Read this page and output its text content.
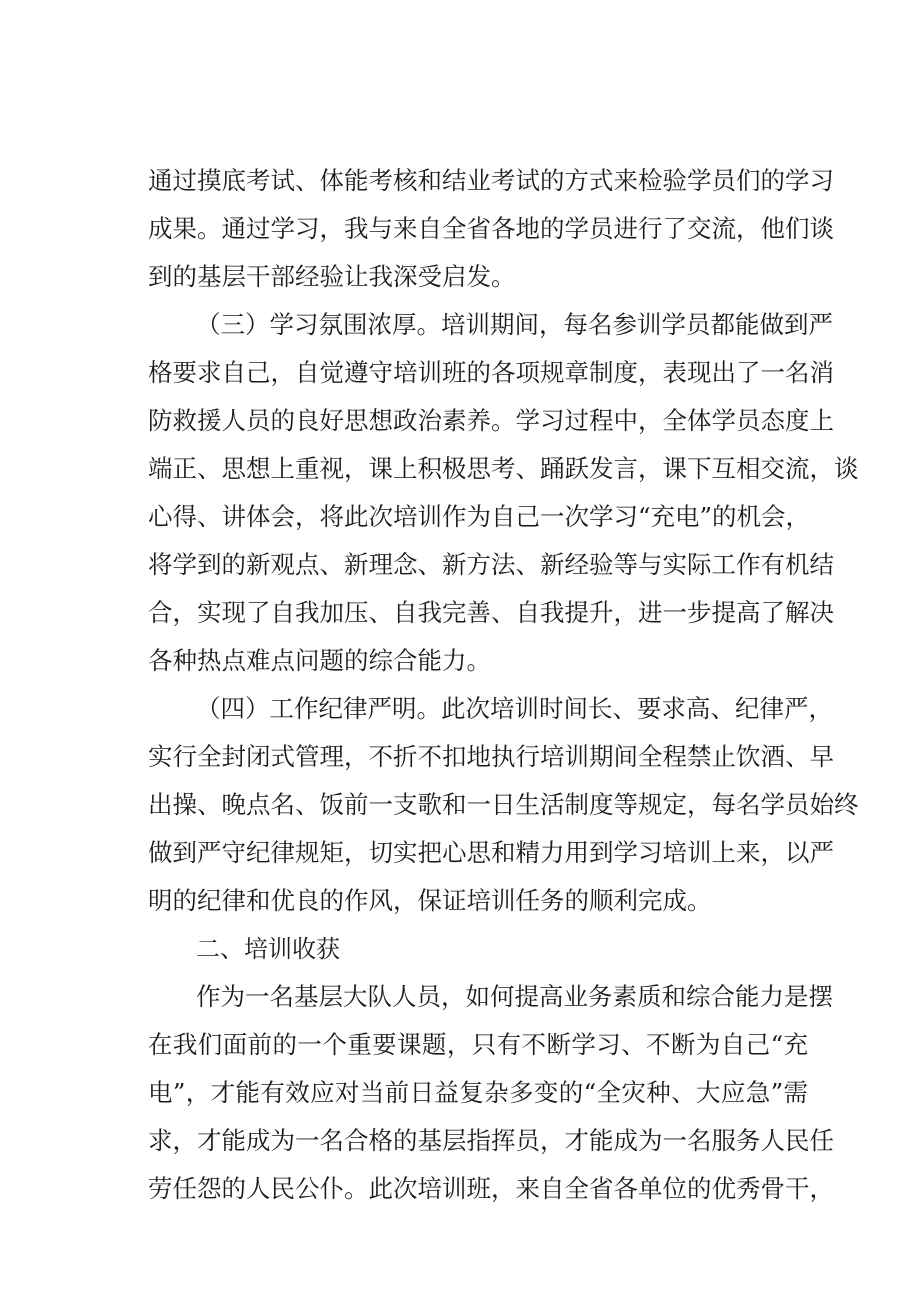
通过摸底考试、体能考核和结业考试的方式来检验学员们的学习
成果。通过学习，我与来自全省各地的学员进行了交流，他们谈
到的基层干部经验让我深受启发。
（三）学习氛围浓厚。培训期间，每名参训学员都能做到严
格要求自己，自觉遵守培训班的各项规章制度，表现出了一名消
防救援人员的良好思想政治素养。学习过程中，全体学员态度上
端正、思想上重视，课上积极思考、踊跃发言，课下互相交流，谈
心得、讲体会，将此次培训作为自己一次学习“充电”的机会，
将学到的新观点、新理念、新方法、新经验等与实际工作有机结
合，实现了自我加压、自我完善、自我提升，进一步提高了解决
各种热点难点问题的综合能力。
（四）工作纪律严明。此次培训时间长、要求高、纪律严，
实行全封闭式管理，不折不扣地执行培训期间全程禁止饮酒、早
出操、晚点名、饭前一支歌和一日生活制度等规定，每名学员始终
做到严守纪律规矩，切实把心思和精力用到学习培训上来，以严
明的纪律和优良的作风，保证培训任务的顺利完成。
二、培训收获
作为一名基层大队人员，如何提高业务素质和综合能力是摆
在我们面前的一个重要课题，只有不断学习、不断为自己“充
电”，才能有效应对当前日益复杂多变的“全灾种、大应急”需
求，才能成为一名合格的基层指挥员，才能成为一名服务人民任
劳任怨的人民公仆。此次培训班，来自全省各单位的优秀骨干，
